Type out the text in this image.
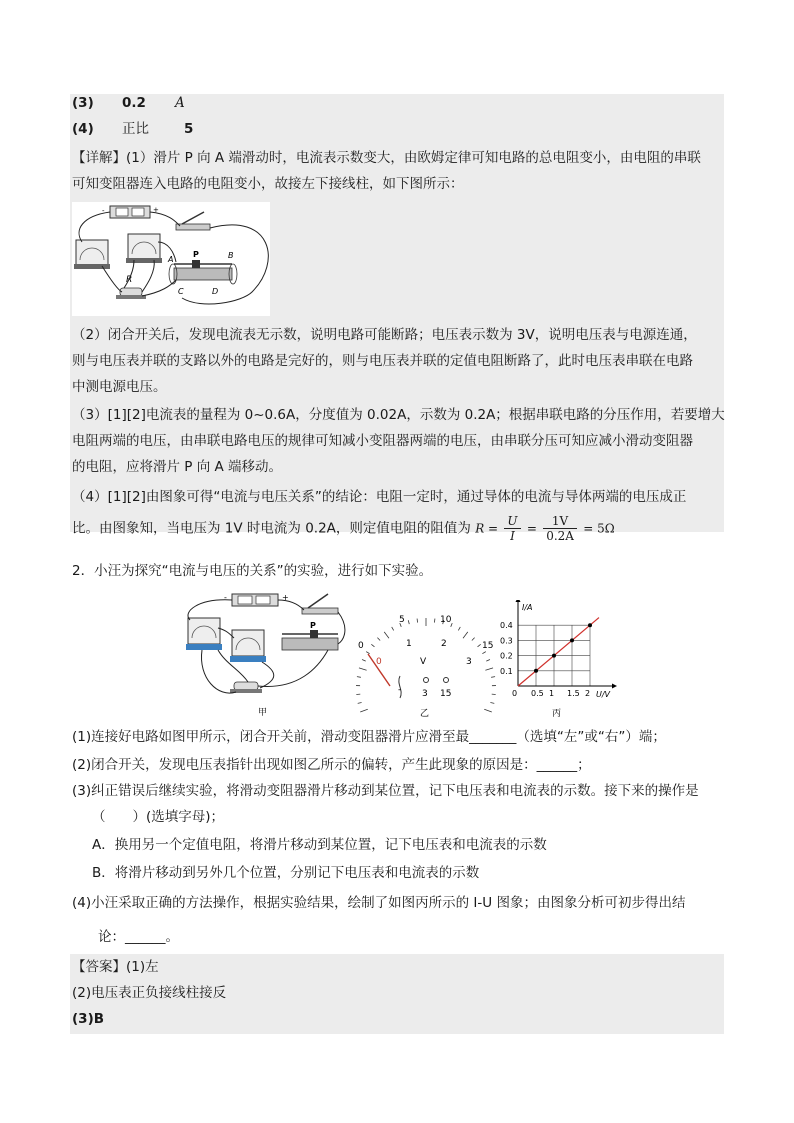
(3) 0.2 A
(4) 正比	5
【详解】(1）滑片 P 向 A 端滑动时，电流表示数变大，由欧姆定律可知电路的总电阻变小，由电阻的串联
可知变阻器连入电路的电阻变小，故接左下接线柱，如下图所示：
-	+
R
P
A	B
C	D
（2）闭合开关后，发现电流表无示数，说明电路可能断路；电压表示数为 3V，说明电压表与电源连通，
则与电压表并联的支路以外的电路是完好的，则与电压表并联的定值电阻断路了，此时电压表串联在电路
中测电源电压。
（3）[1][2]电流表的量程为 0~0.6A，分度值为 0.02A，示数为 0.2A；根据串联电路的分压作用，若要增大
电阻两端的电压，由串联电路电压的规律可知减小变阻器两端的电压，由串联分压可知应减小滑动变阻器
的电阻，应将滑片 P 向 A 端移动。
（4）[1][2]由图象可得“电流与电压关系”的结论：电阻一定时，通过导体的电流与导体两端的电压成正
比。由图象知，当电压为 1V 时电流为 0.2A，则定值电阻的阻值为 $R = \frac{U}{I} = \frac{1V}{0.2A} = 5\Omega$
2．小汪为探究“电流与电压的关系”的实验，进行如下实验。
-	+
P
甲
0
5	10
15
1	2
3
0	V
- 3 15
乙
0 0.5 1 1.5 2
0.1
0.2
0.3
0.4
I/A
U/V
丙
(1)连接好电路如图甲所示，闭合开关前，滑动变阻器滑片应滑至最_______（选填“左”或“右”）端；
(2)闭合开关，发现电压表指针出现如图乙所示的偏转，产生此现象的原因是：______；
(3)纠正错误后继续实验，将滑动变阻器滑片移动到某位置，记下电压表和电流表的示数。接下来的操作是
（　　）(选填字母)；
A．换用另一个定值电阻，将滑片移动到某位置，记下电压表和电流表的示数
B．将滑片移动到另外几个位置，分别记下电压表和电流表的示数
(4)小汪采取正确的方法操作，根据实验结果，绘制了如图丙所示的 I-U 图象；由图象分析可初步得出结
论：______。
【答案】(1)左
(2)电压表正负接线柱接反
(3)B
